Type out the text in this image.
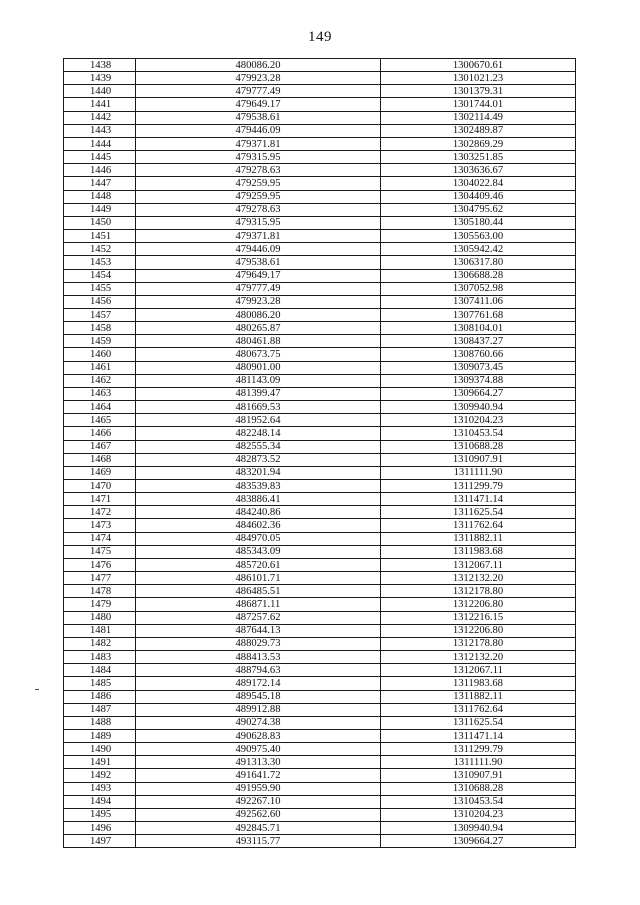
149
1438	480086.20	1300670.61
1439	479923.28	1301021.23
1440	479777.49	1301379.31
1441	479649.17	1301744.01
1442	479538.61	1302114.49
1443	479446.09	1302489.87
1444	479371.81	1302869.29
1445	479315.95	1303251.85
1446	479278.63	1303636.67
1447	479259.95	1304022.84
1448	479259.95	1304409.46
1449	479278.63	1304795.62
1450	479315.95	1305180.44
1451	479371.81	1305563.00
1452	479446.09	1305942.42
1453	479538.61	1306317.80
1454	479649.17	1306688.28
1455	479777.49	1307052.98
1456	479923.28	1307411.06
1457	480086.20	1307761.68
1458	480265.87	1308104.01
1459	480461.88	1308437.27
1460	480673.75	1308760.66
1461	480901.00	1309073.45
1462	481143.09	1309374.88
1463	481399.47	1309664.27
1464	481669.53	1309940.94
1465	481952.64	1310204.23
1466	482248.14	1310453.54
1467	482555.34	1310688.28
1468	482873.52	1310907.91
1469	483201.94	1311111.90
1470	483539.83	1311299.79
1471	483886.41	1311471.14
1472	484240.86	1311625.54
1473	484602.36	1311762.64
1474	484970.05	1311882.11
1475	485343.09	1311983.68
1476	485720.61	1312067.11
1477	486101.71	1312132.20
1478	486485.51	1312178.80
1479	486871.11	1312206.80
1480	487257.62	1312216.15
1481	487644.13	1312206.80
1482	488029.73	1312178.80
1483	488413.53	1312132.20
1484	488794.63	1312067.11
1485	489172.14	1311983.68
1486	489545.18	1311882.11
1487	489912.88	1311762.64
1488	490274.38	1311625.54
1489	490628.83	1311471.14
1490	490975.40	1311299.79
1491	491313.30	1311111.90
1492	491641.72	1310907.91
1493	491959.90	1310688.28
1494	492267.10	1310453.54
1495	492562.60	1310204.23
1496	492845.71	1309940.94
1497	493115.77	1309664.27
